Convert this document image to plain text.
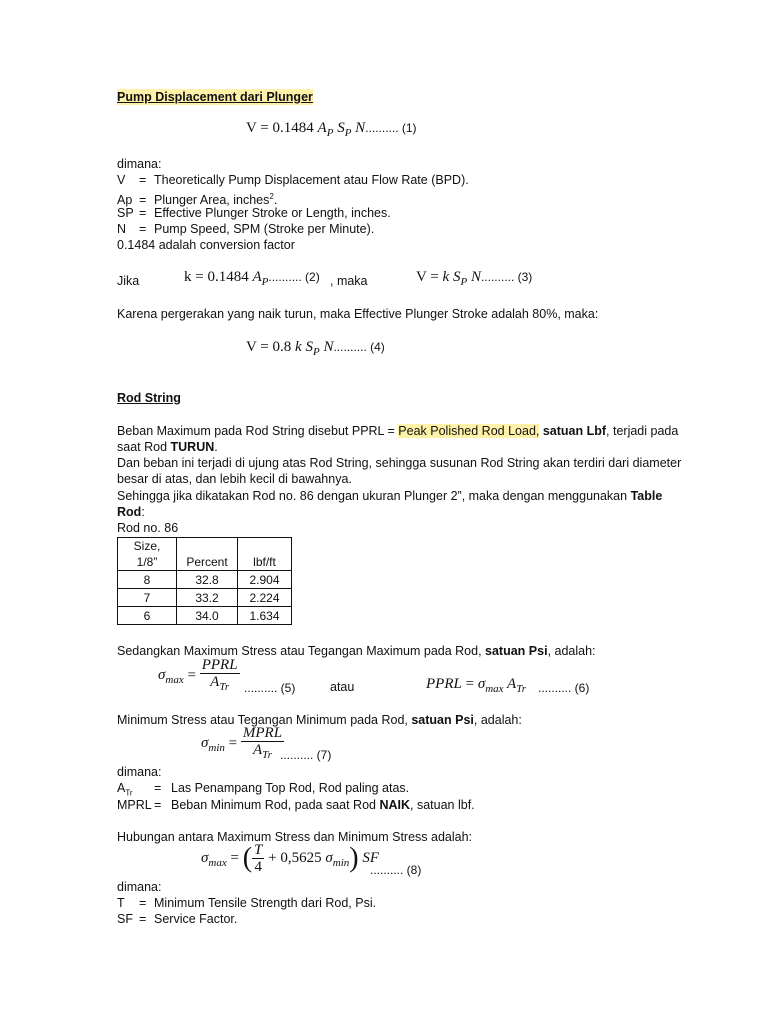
Pump Displacement dari Plunger
V = 0.1484 $A_P$ $S_P$ N.......... (1)
dimana:
V = Theoretically Pump Displacement atau Flow Rate (BPD).
Ap = Plunger Area, inches$^2$.
SP = Effective Plunger Stroke or Length, inches.
N = Pump Speed, SPM (Stroke per Minute).
0.1484 adalah conversion factor
Jika	k = 0.1484 $A_P$.......... (2) , maka	V = k $S_P$ N.......... (3)
Karena pergerakan yang naik turun, maka Effective Plunger Stroke adalah 80%, maka:
V = 0.8 k $S_P$ N.......... (4)
Rod String
Beban Maximum pada Rod String disebut PPRL = Peak Polished Rod Load, satuan Lbf, terjadi pada
saat Rod TURUN.
Dan beban ini terjadi di ujung atas Rod String, sehingga susunan Rod String akan terdiri dari diameter
besar di atas, dan lebih kecil di bawahnya.
Sehingga jika dikatakan Rod no. 86 dengan ukuran Plunger 2”, maka dengan menggunakan Table
Rod:
Rod no. 86
Size,
1/8”	Percent	lbf/ft
8	32.8	2.904
7	33.2	2.224
6	34.0	1.634
Sedangkan Maximum Stress atau Tegangan Maximum pada Rod, satuan Psi, adalah:
$\sigma_{max} = \frac{\text{PPRL}}{A_{Tr}}$ .......... (5)	atau	PPRL = $\sigma_{max}$ $A_{Tr}$ .......... (6)
Minimum Stress atau Tegangan Minimum pada Rod, satuan Psi, adalah:
$\sigma_{min} = \frac{\text{MPRL}}{A_{Tr}}$
.......... (7)
dimana:
$A_{Tr}$ = Las Penampang Top Rod, Rod paling atas.
MPRL = Beban Minimum Rod, pada saat Rod NAIK, satuan lbf.
Hubungan antara Maximum Stress dan Minimum Stress adalah:
$\sigma_{max}$ = ( $\frac{T}{4} + 0,5625$ $\sigma_{min}$) SF
.......... (8)
dimana:
T = Minimum Tensile Strength dari Rod, Psi.
SF = Service Factor.
